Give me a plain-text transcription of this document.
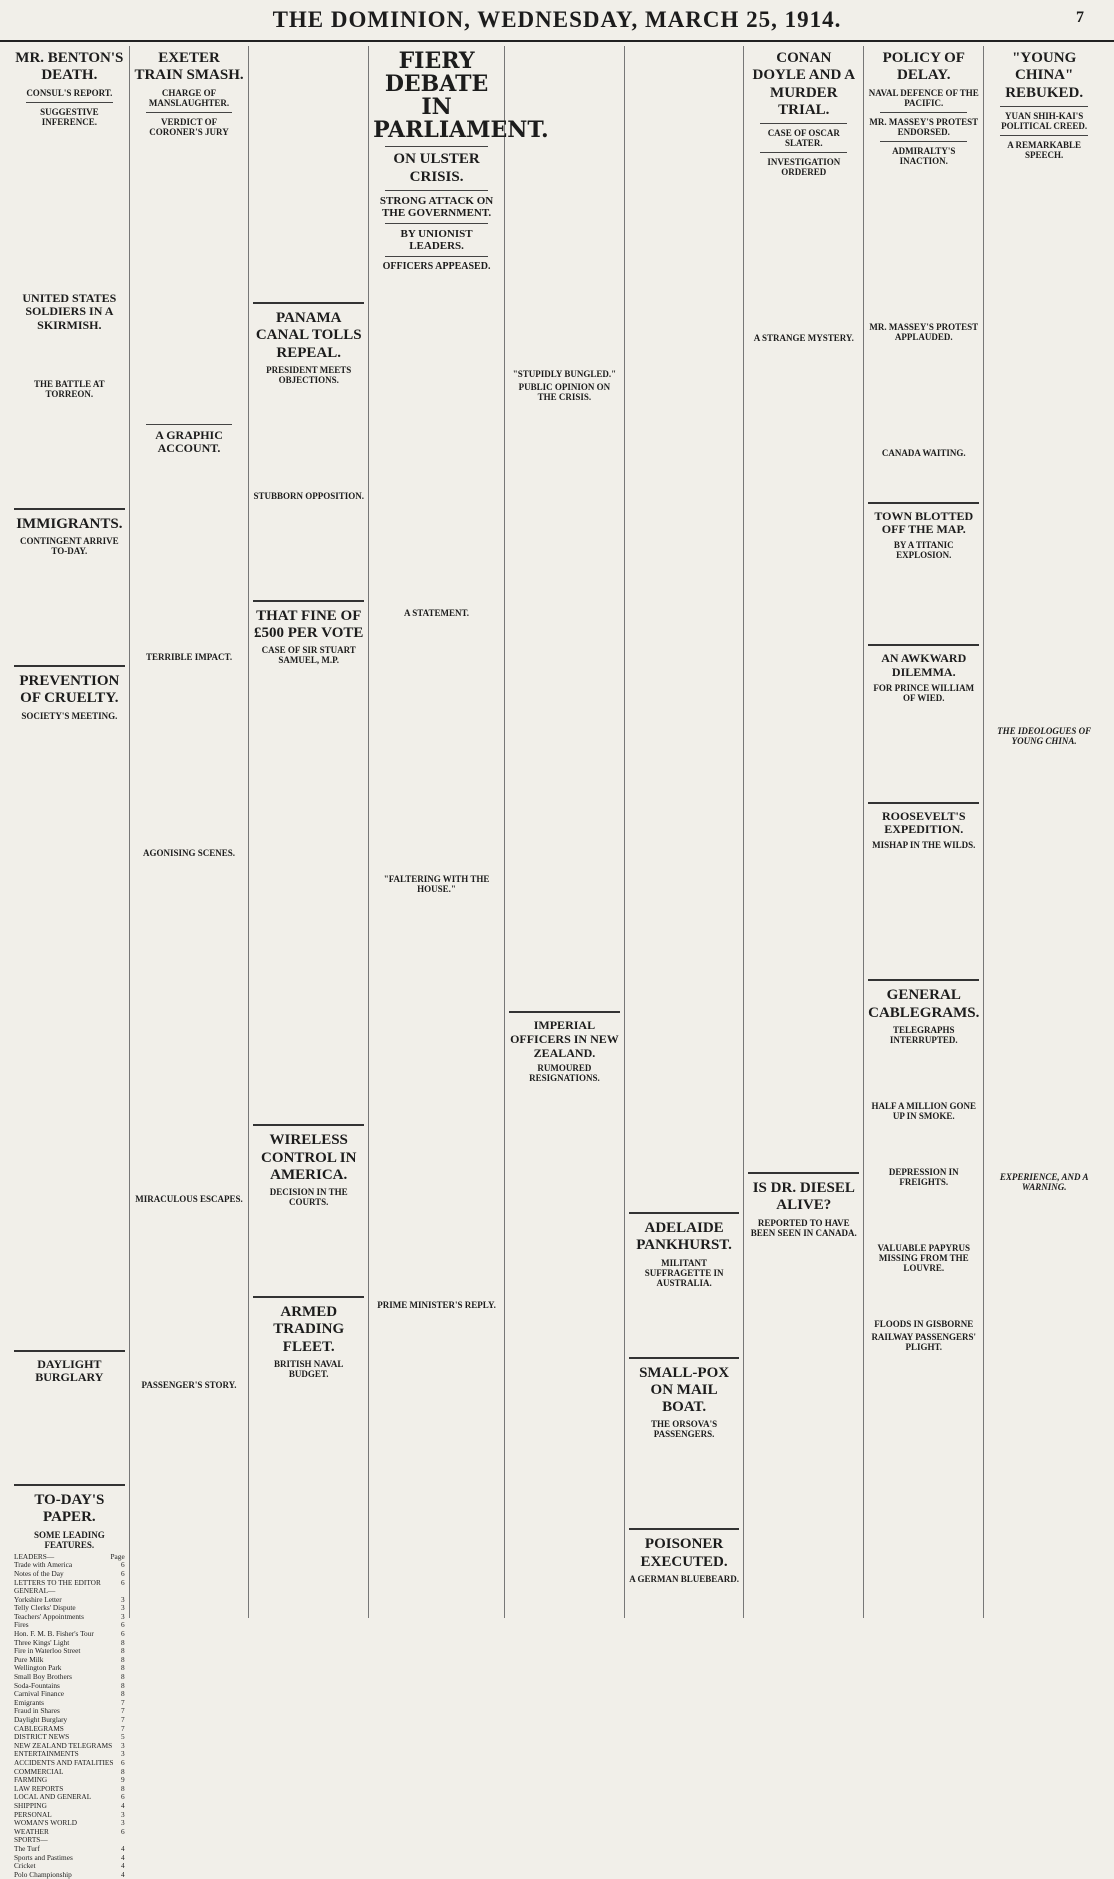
THE DOMINION, WEDNESDAY, MARCH 25, 1914.	7
MR. BENTON'S DEATH.
CONSUL'S REPORT.
SUGGESTIVE INFERENCE.
UNITED STATES SOLDIERS IN A SKIRMISH.
THE BATTLE AT TORREON.
IMMIGRANTS.
CONTINGENT ARRIVE TO-DAY.
PREVENTION OF CRUELTY.
SOCIETY'S MEETING.
DAYLIGHT BURGLARY
TO-DAY'S PAPER.
SOME LEADING FEATURES.
LEADERS—	Page
Trade with America	6
Notes of the Day	6
LETTERS TO THE EDITOR	6
GENERAL—
Yorkshire Letter	3
Telly Clerks' Dispute	3
Teachers' Appointments	3
Fires	6
Hon. F. M. B. Fisher's Tour	6
Three Kings' Light	8
Fire in Waterloo Street	8
Pure Milk	8
Wellington Park	8
Small Boy Brothers	8
Soda-Fountains	8
Carnival Finance	8
Emigrants	7
Fraud in Shares	7
Daylight Burglary	7
CABLEGRAMS	7
DISTRICT NEWS	5
NEW ZEALAND TELEGRAMS	3
ENTERTAINMENTS	3
ACCIDENTS AND FATALITIES	6
COMMERCIAL	8
FARMING	9
LAW REPORTS	8
LOCAL AND GENERAL	6
SHIPPING	4
PERSONAL	3
WOMAN'S WORLD	3
WEATHER	6
SPORTS—
The Turf	4
Sports and Pastimes	4
Cricket	4
Polo Championship	4
EXETER TRAIN SMASH.
CHARGE OF MANSLAUGHTER.
VERDICT OF CORONER'S JURY
A GRAPHIC ACCOUNT.
TERRIBLE IMPACT.
AGONISING SCENES.
MIRACULOUS ESCAPES.
PASSENGER'S STORY.
PANAMA CANAL TOLLS REPEAL.
PRESIDENT MEETS OBJECTIONS.
STUBBORN OPPOSITION.
THAT FINE OF £500 PER VOTE
CASE OF SIR STUART SAMUEL, M.P.
WIRELESS CONTROL IN AMERICA.
DECISION IN THE COURTS.
ARMED TRADING FLEET.
BRITISH NAVAL BUDGET.
FIERY DEBATE IN PARLIAMENT.
ON ULSTER CRISIS.
STRONG ATTACK ON THE GOVERNMENT.
BY UNIONIST LEADERS.
OFFICERS APPEASED.
A STATEMENT.
"FALTERING WITH THE HOUSE."
PRIME MINISTER'S REPLY.
"STUPIDLY BUNGLED."
PUBLIC OPINION ON THE CRISIS.
IMPERIAL OFFICERS IN NEW ZEALAND.
RUMOURED RESIGNATIONS.
ADELAIDE PANKHURST.
MILITANT SUFFRAGETTE IN AUSTRALIA.
SMALL-POX ON MAIL BOAT.
THE ORSOVA'S PASSENGERS.
POISONER EXECUTED.
A GERMAN BLUEBEARD.
CONAN DOYLE AND A MURDER TRIAL.
CASE OF OSCAR SLATER.
INVESTIGATION ORDERED
A STRANGE MYSTERY.
IS DR. DIESEL ALIVE?
REPORTED TO HAVE BEEN SEEN IN CANADA.
POLICY OF DELAY.
NAVAL DEFENCE OF THE PACIFIC.
MR. MASSEY'S PROTEST ENDORSED.
ADMIRALTY'S INACTION.
MR. MASSEY'S PROTEST APPLAUDED.
CANADA WAITING.
TOWN BLOTTED OFF THE MAP.
BY A TITANIC EXPLOSION.
AN AWKWARD DILEMMA.
FOR PRINCE WILLIAM OF WIED.
ROOSEVELT'S EXPEDITION.
MISHAP IN THE WILDS.
GENERAL CABLEGRAMS.
TELEGRAPHS INTERRUPTED.
HALF A MILLION GONE UP IN SMOKE.
DEPRESSION IN FREIGHTS.
VALUABLE PAPYRUS MISSING FROM THE LOUVRE.
FLOODS IN GISBORNE
RAILWAY PASSENGERS' PLIGHT.
"YOUNG CHINA" REBUKED.
YUAN SHIH-KAI'S POLITICAL CREED.
A REMARKABLE SPEECH.
THE IDEOLOGUES OF YOUNG CHINA.
EXPERIENCE, AND A WARNING.
